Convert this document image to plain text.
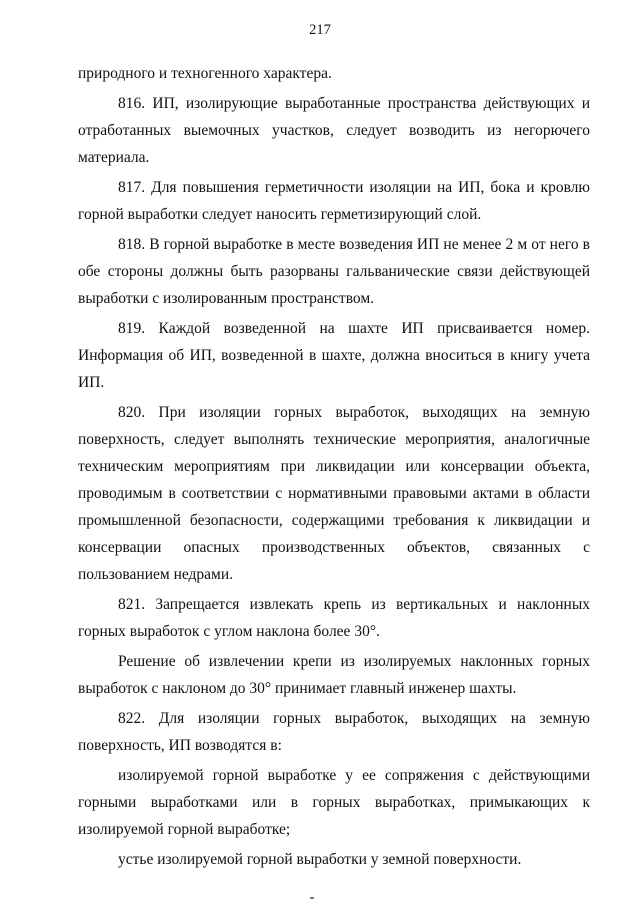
217

природного и техногенного характера.

816. ИП, изолирующие выработанные пространства действующих и отработанных выемочных участков, следует возводить из негорючего материала.

817. Для повышения герметичности изоляции на ИП, бока и кровлю горной выработки следует наносить герметизирующий слой.

818. В горной выработке в месте возведения ИП не менее 2 м от него в обе стороны должны быть разорваны гальванические связи действующей выработки с изолированным пространством.

819. Каждой возведенной на шахте ИП присваивается номер. Информация об ИП, возведенной в шахте, должна вноситься в книгу учета ИП.

820. При изоляции горных выработок, выходящих на земную поверхность, следует выполнять технические мероприятия, аналогичные техническим мероприятиям при ликвидации или консервации объекта, проводимым в соответствии с нормативными правовыми актами в области промышленной безопасности, содержащими требования к ликвидации и консервации опасных производственных объектов, связанных с пользованием недрами.

821. Запрещается извлекать крепь из вертикальных и наклонных горных выработок с углом наклона более 30°.

Решение об извлечении крепи из изолируемых наклонных горных выработок с наклоном до 30° принимает главный инженер шахты.

822. Для изоляции горных выработок, выходящих на земную поверхность, ИП возводятся в:

изолируемой горной выработке у ее сопряжения с действующими горными выработками или в горных выработках, примыкающих к изолируемой горной выработке;

устье изолируемой горной выработки у земной поверхности.
